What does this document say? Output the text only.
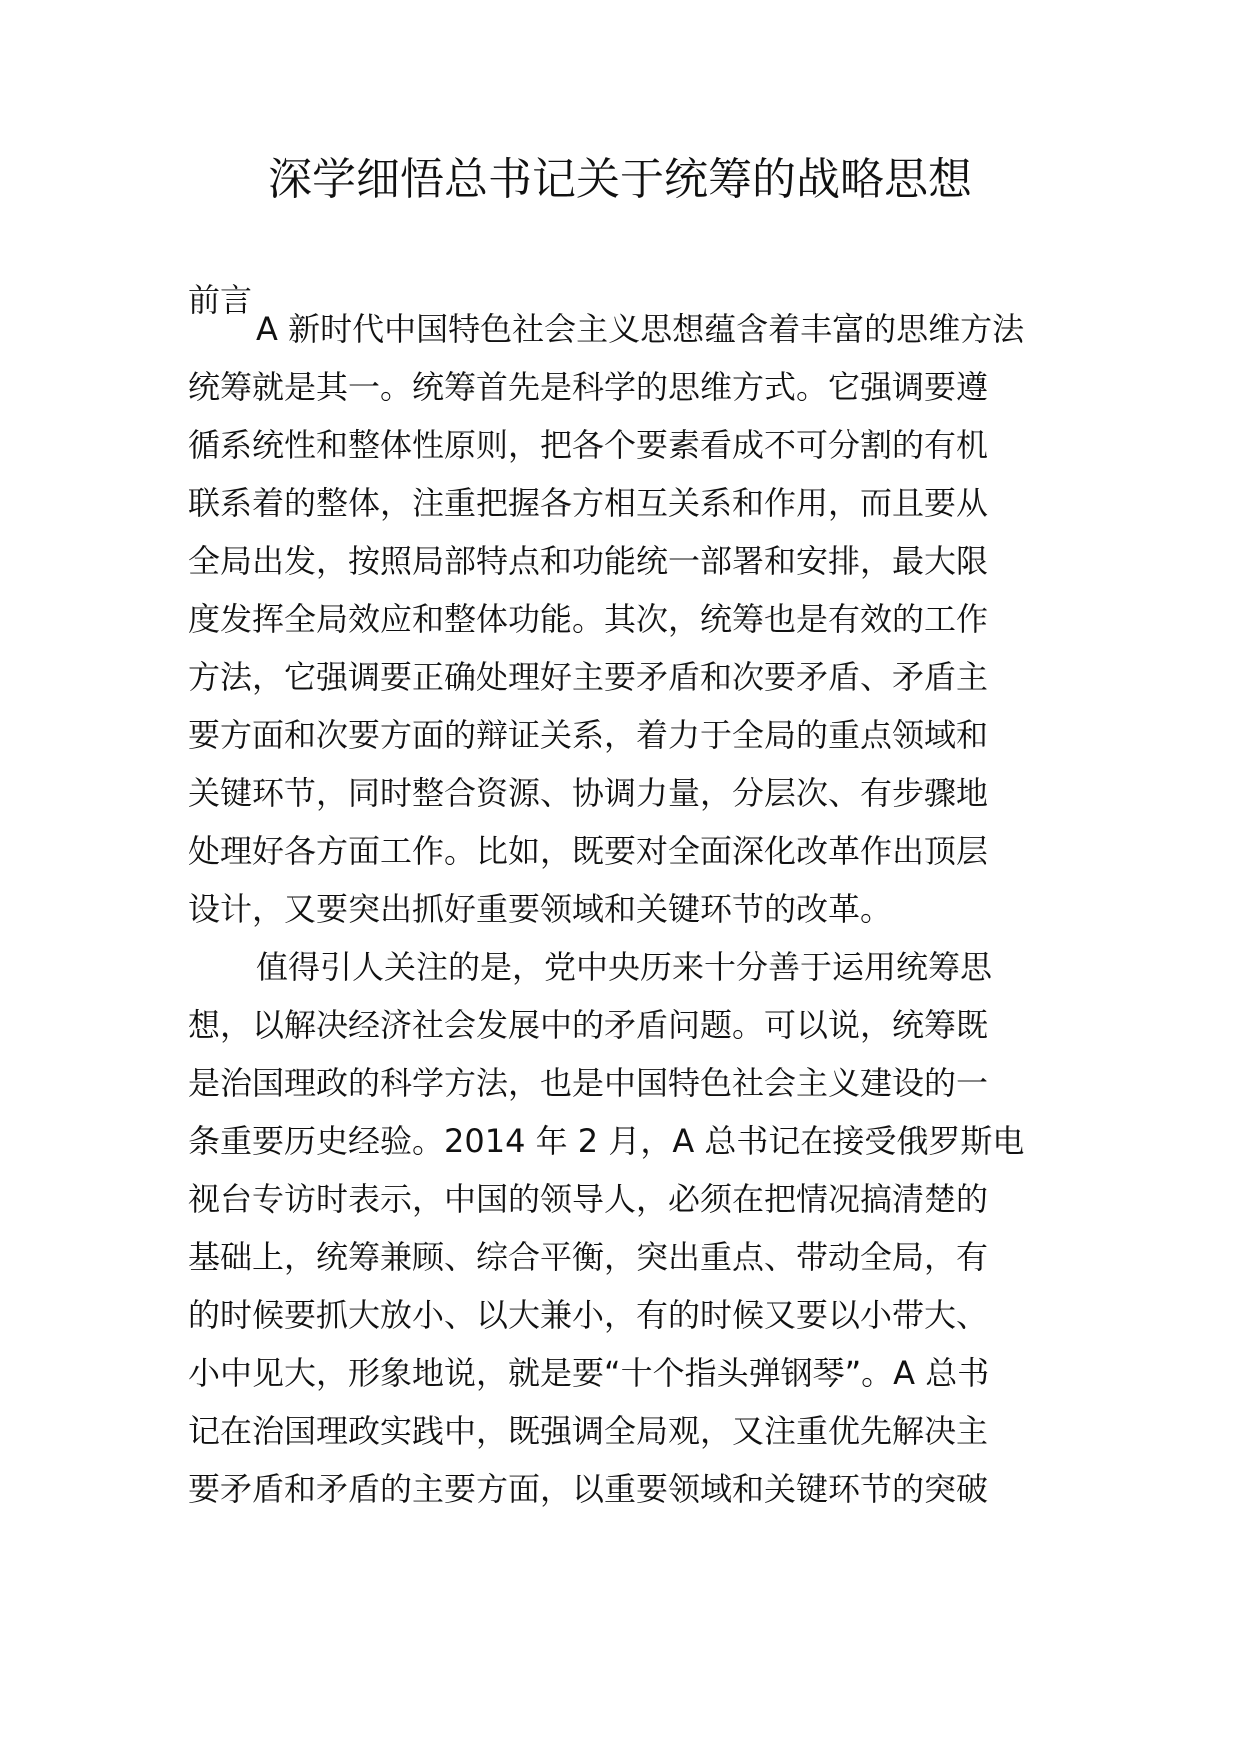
深学细悟总书记关于统筹的战略思想
前言
A 新时代中国特色社会主义思想蕴含着丰富的思维方法
统筹就是其一。统筹首先是科学的思维方式。它强调要遵
循系统性和整体性原则，把各个要素看成不可分割的有机
联系着的整体，注重把握各方相互关系和作用，而且要从
全局出发，按照局部特点和功能统一部署和安排，最大限
度发挥全局效应和整体功能。其次，统筹也是有效的工作
方法，它强调要正确处理好主要矛盾和次要矛盾、矛盾主
要方面和次要方面的辩证关系，着力于全局的重点领域和
关键环节，同时整合资源、协调力量，分层次、有步骤地
处理好各方面工作。比如，既要对全面深化改革作出顶层
设计，又要突出抓好重要领域和关键环节的改革。
值得引人关注的是，党中央历来十分善于运用统筹思
想，以解决经济社会发展中的矛盾问题。可以说，统筹既
是治国理政的科学方法，也是中国特色社会主义建设的一
条重要历史经验。2014 年 2 月，A 总书记在接受俄罗斯电
视台专访时表示，中国的领导人，必须在把情况搞清楚的
基础上，统筹兼顾、综合平衡，突出重点、带动全局，有
的时候要抓大放小、以大兼小，有的时候又要以小带大、
小中见大，形象地说，就是要“十个指头弹钢琴”。A 总书
记在治国理政实践中，既强调全局观，又注重优先解决主
要矛盾和矛盾的主要方面，以重要领域和关键环节的突破
